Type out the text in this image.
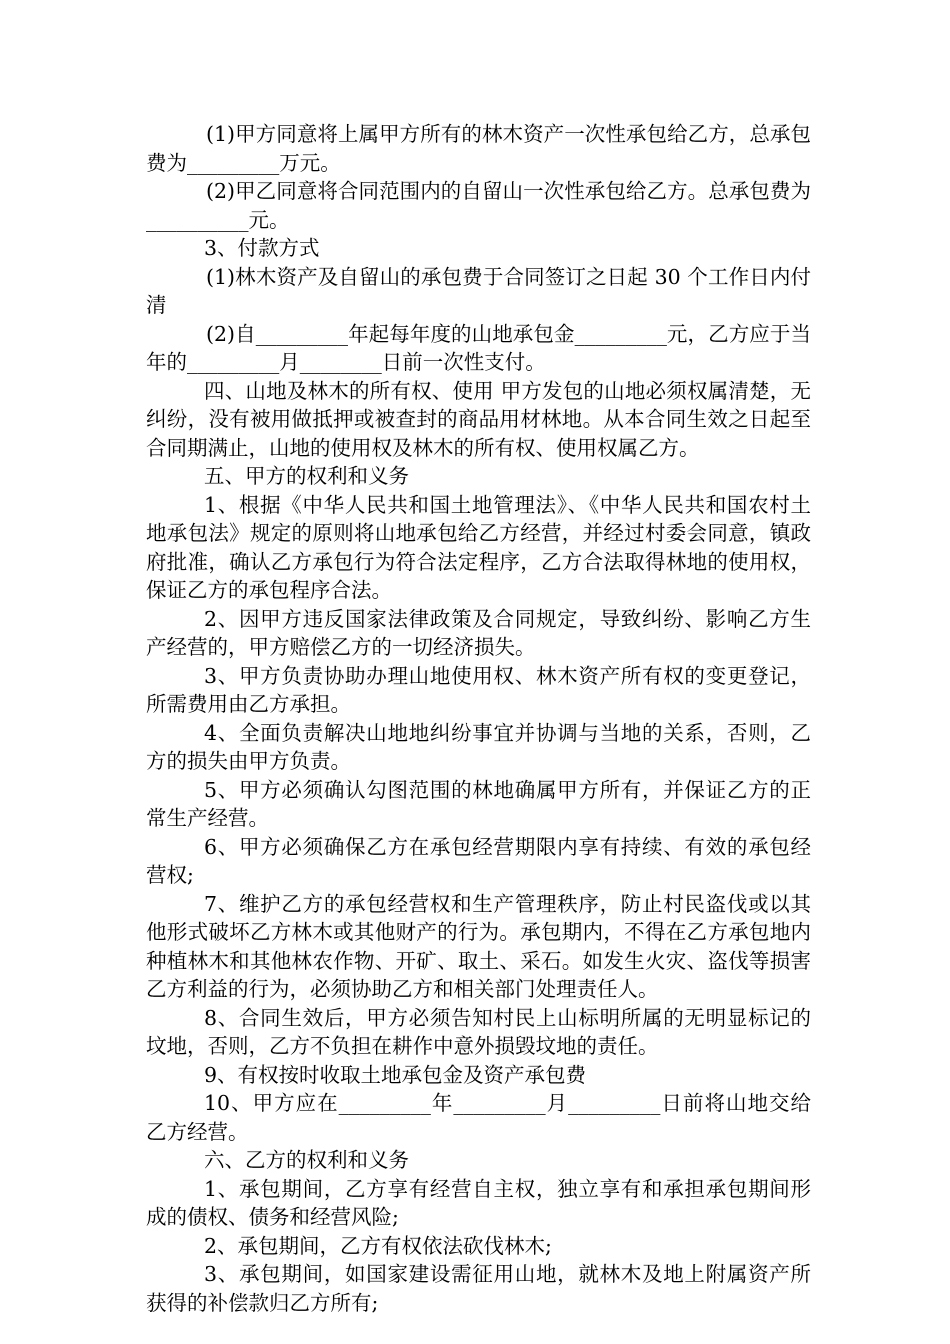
(1)甲方同意将上属甲方所有的林木资产一次性承包给乙方，总承包费为_________万元。

(2)甲乙同意将合同范围内的自留山一次性承包给乙方。总承包费为__________元。

3、付款方式

(1)林木资产及自留山的承包费于合同签订之日起 30 个工作日内付清

(2)自_________年起每年度的山地承包金_________元，乙方应于当年的_________月________日前一次性支付。

四、山地及林木的所有权、使用 甲方发包的山地必须权属清楚，无纠纷，没有被用做抵押或被查封的商品用材林地。从本合同生效之日起至合同期满止，山地的使用权及林木的所有权、使用权属乙方。

五、甲方的权利和义务

1、根据《中华人民共和国土地管理法》、《中华人民共和国农村土地承包法》规定的原则将山地承包给乙方经营，并经过村委会同意，镇政府批准，确认乙方承包行为符合法定程序，乙方合法取得林地的使用权，保证乙方的承包程序合法。

2、因甲方违反国家法律政策及合同规定，导致纠纷、影响乙方生产经营的，甲方赔偿乙方的一切经济损失。

3、甲方负责协助办理山地使用权、林木资产所有权的变更登记，所需费用由乙方承担。

4、全面负责解决山地地纠纷事宜并协调与当地的关系，否则，乙方的损失由甲方负责。

5、甲方必须确认勾图范围的林地确属甲方所有，并保证乙方的正常生产经营。

6、甲方必须确保乙方在承包经营期限内享有持续、有效的承包经营权;

7、维护乙方的承包经营权和生产管理秩序，防止村民盗伐或以其他形式破坏乙方林木或其他财产的行为。承包期内，不得在乙方承包地内种植林木和其他林农作物、开矿、取土、采石。如发生火灾、盗伐等损害乙方利益的行为，必须协助乙方和相关部门处理责任人。

8、合同生效后，甲方必须告知村民上山标明所属的无明显标记的坟地，否则，乙方不负担在耕作中意外损毁坟地的责任。

9、有权按时收取土地承包金及资产承包费

10、甲方应在_________年_________月_________日前将山地交给乙方经营。

六、乙方的权利和义务

1、承包期间，乙方享有经营自主权，独立享有和承担承包期间形成的债权、债务和经营风险;

2、承包期间，乙方有权依法砍伐林木;

3、承包期间，如国家建设需征用山地，就林木及地上附属资产所获得的补偿款归乙方所有;
